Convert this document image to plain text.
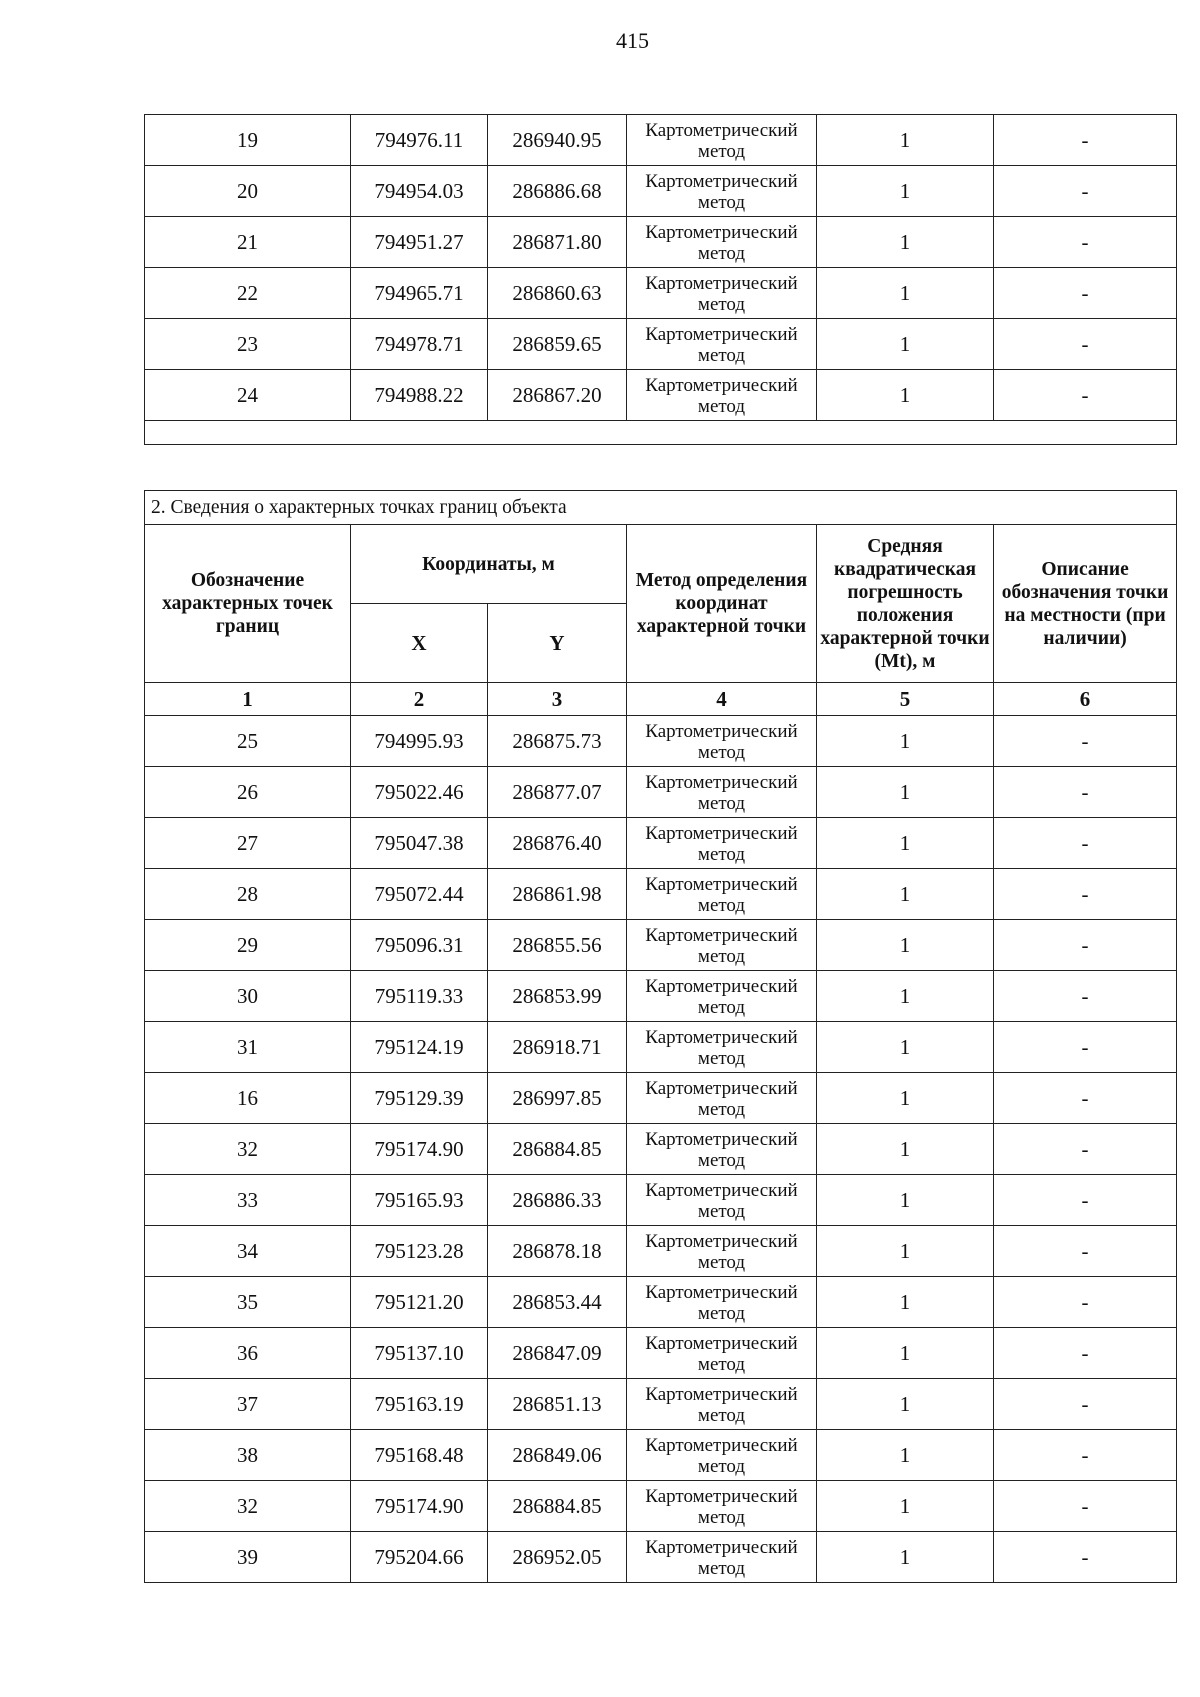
415
19	794976.11	286940.95	Картометрический метод	1	-
20	794954.03	286886.68	Картометрический метод	1	-
21	794951.27	286871.80	Картометрический метод	1	-
22	794965.71	286860.63	Картометрический метод	1	-
23	794978.71	286859.65	Картометрический метод	1	-
24	794988.22	286867.20	Картометрический метод	1	-

2. Сведения о характерных точках границ объекта					
Обозначение характерных точек границ	Координаты, м		Метод определения координат характерной точки	Средняя квадратическая погрешность положения характерной точки (Mt), м	Описание обозначения точки на местности (при наличии)
	X	Y			
1	2	3	4	5	6
25	794995.93	286875.73	Картометрический метод	1	-
26	795022.46	286877.07	Картометрический метод	1	-
27	795047.38	286876.40	Картометрический метод	1	-
28	795072.44	286861.98	Картометрический метод	1	-
29	795096.31	286855.56	Картометрический метод	1	-
30	795119.33	286853.99	Картометрический метод	1	-
31	795124.19	286918.71	Картометрический метод	1	-
16	795129.39	286997.85	Картометрический метод	1	-
32	795174.90	286884.85	Картометрический метод	1	-
33	795165.93	286886.33	Картометрический метод	1	-
34	795123.28	286878.18	Картометрический метод	1	-
35	795121.20	286853.44	Картометрический метод	1	-
36	795137.10	286847.09	Картометрический метод	1	-
37	795163.19	286851.13	Картометрический метод	1	-
38	795168.48	286849.06	Картометрический метод	1	-
32	795174.90	286884.85	Картометрический метод	1	-
39	795204.66	286952.05	Картометрический метод	1	-
